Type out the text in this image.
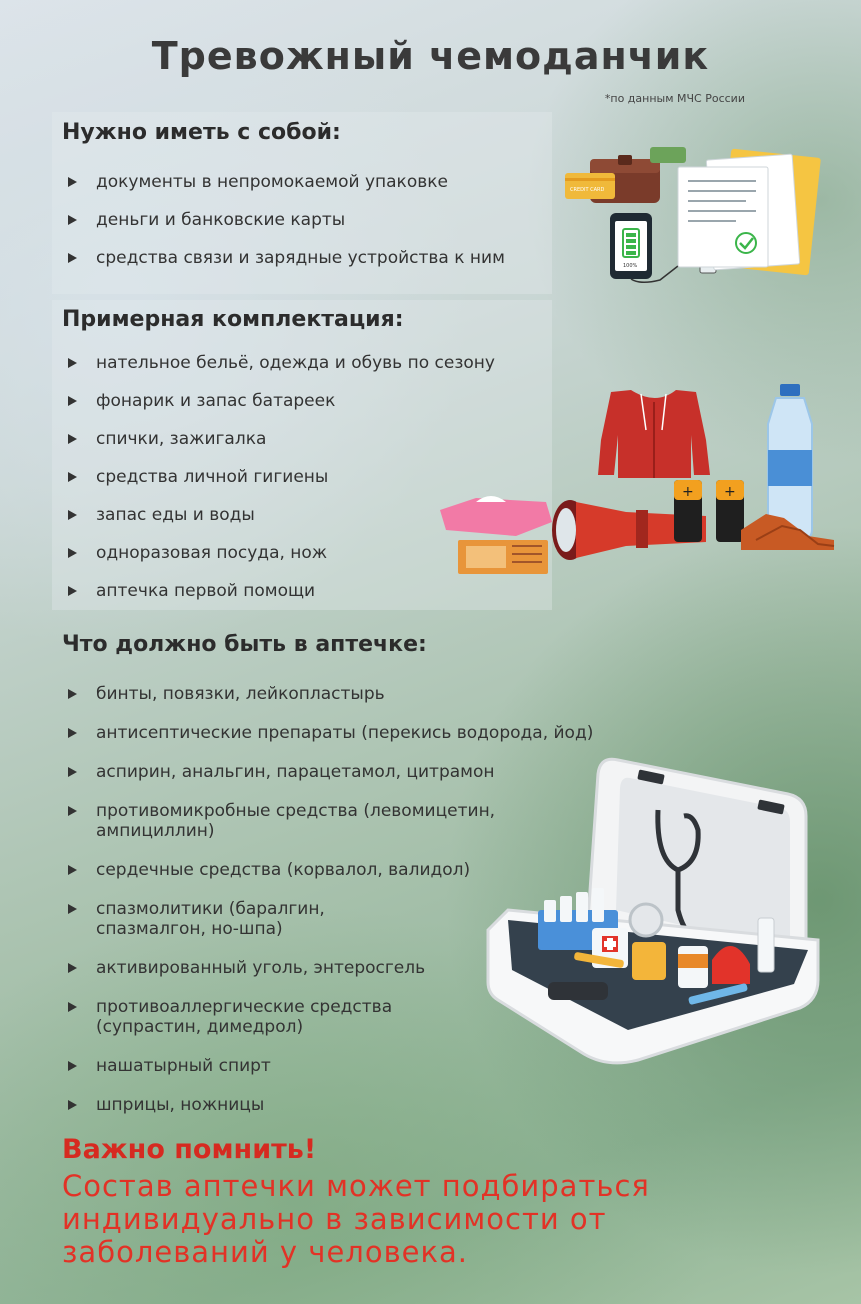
Тревожный чемоданчик
*по данным МЧС России
Нужно иметь с собой:
документы в непромокаемой упаковке
деньги и банковские карты
средства связи и зарядные устройства к ним
Примерная комплектация:
нательное бельё, одежда и обувь по сезону
фонарик и запас батареек
спички, зажигалка
средства личной гигиены
запас еды и воды
одноразовая посуда, нож
аптечка первой помощи
Что должно быть в аптечке:
бинты, повязки, лейкопластырь
антисептические препараты (перекись водорода, йод)
аспирин, анальгин, парацетамол, цитрамон
противомикробные средства (левомицетин, ампициллин)
сердечные средства (корвалол, валидол)
спазмолитики (баралгин, спазмалгон, но-шпа)
активированный уголь, энтеросгель
противоаллергические средства (супрастин, димедрол)
нашатырный спирт
шприцы, ножницы
Важно помнить!
Состав аптечки может подбираться индивидуально в зависимости от заболеваний у человека.
CREDIT CARD
100%
+ +
